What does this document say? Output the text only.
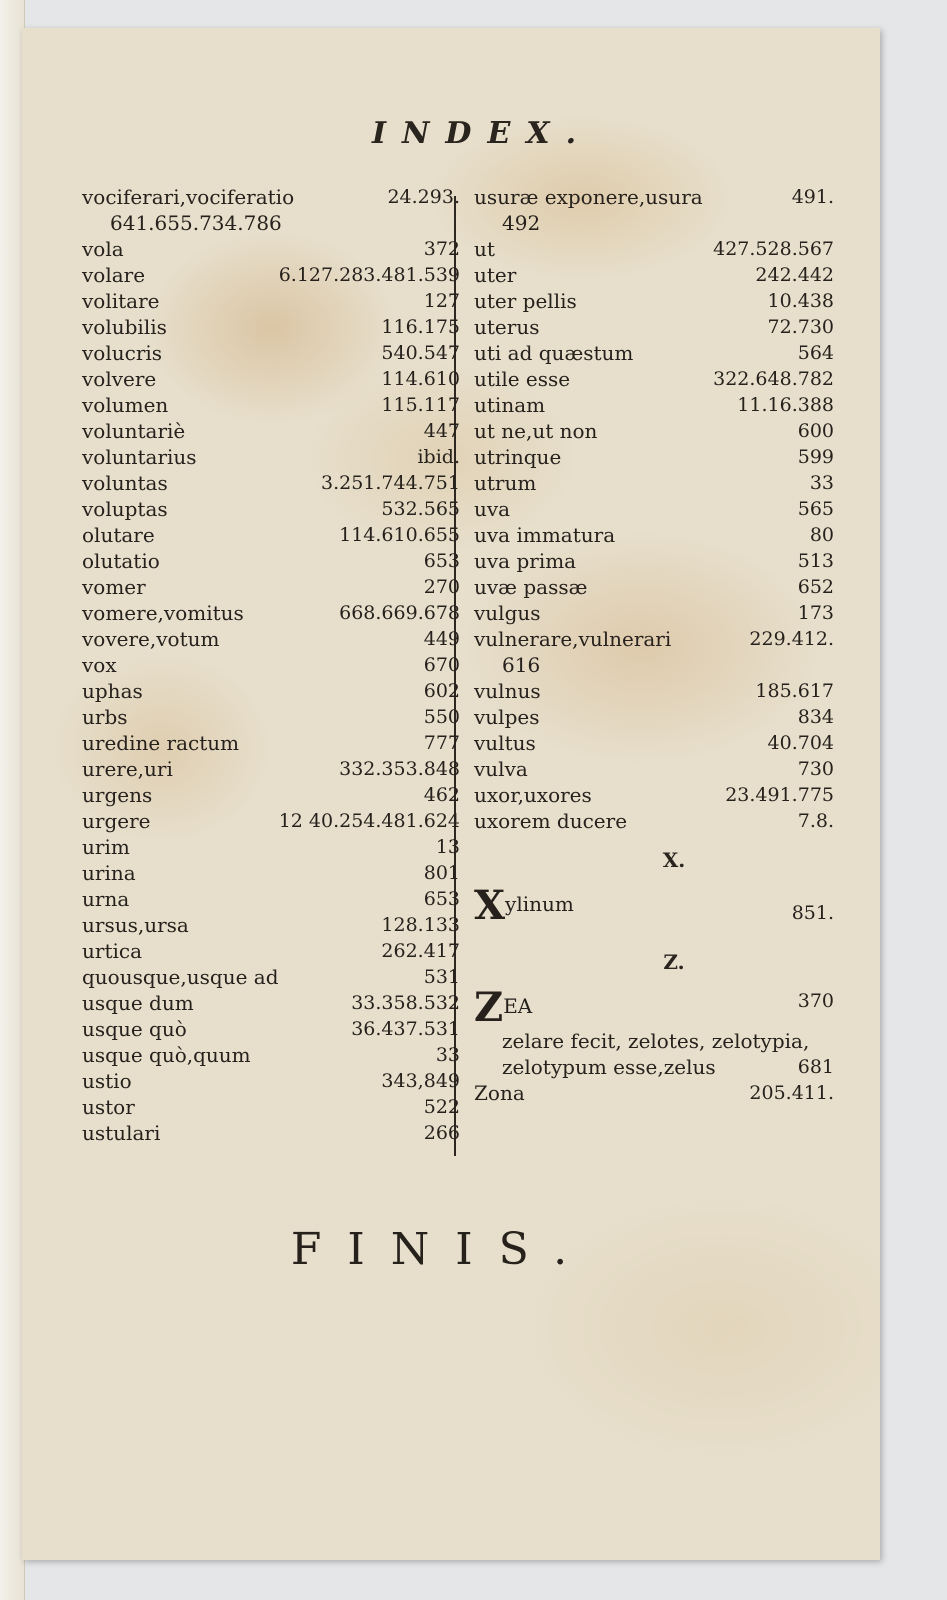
INDEX.
vociferari,vociferatio	24.293.
641.655.734.786
vola	372
volare	6.127.283.481.539
volitare	127
volubilis	116.175
volucris	540.547
volvere	114.610
volumen	115.117
voluntariè	447
voluntarius	ibid.
voluntas	3.251.744.751
voluptas	532.565
olutare	114.610.655
olutatio	653
vomer	270
vomere,vomitus	668.669.678
vovere,votum	449
vox	670
uphas	602
urbs	550
uredine ractum	777
urere,uri	332.353.848
urgens	462
urgere	12 40.254.481.624
urim	13
urina	801
urna	653
ursus,ursa	128.133
urtica	262.417
quousque,usque ad	531
usque dum	33.358.532
usque quò	36.437.531
usque quò,quum	33
ustio	343,849
ustor	522
ustulari	266
usuræ exponere,usura	491.
492
ut	427.528.567
uter	242.442
uter pellis	10.438
uterus	72.730
uti ad quæstum	564
utile esse	322.648.782
utinam	11.16.388
ut ne,ut non	600
utrinque	599
utrum	33
uva	565
uva immatura	80
uva prima	513
uvæ passæ	652
vulgus	173
vulnerare,vulnerari	229.412.
616
vulnus	185.617
vulpes	834
vultus	40.704
vulva	730
uxor,uxores	23.491.775
uxorem ducere	7.8.
X.
Xylinum	851.
Z.
ZEA	370
zelare fecit, zelotes, zelotypia,
zelotypum esse,zelus	681
Zona	205.411.
FINIS.
